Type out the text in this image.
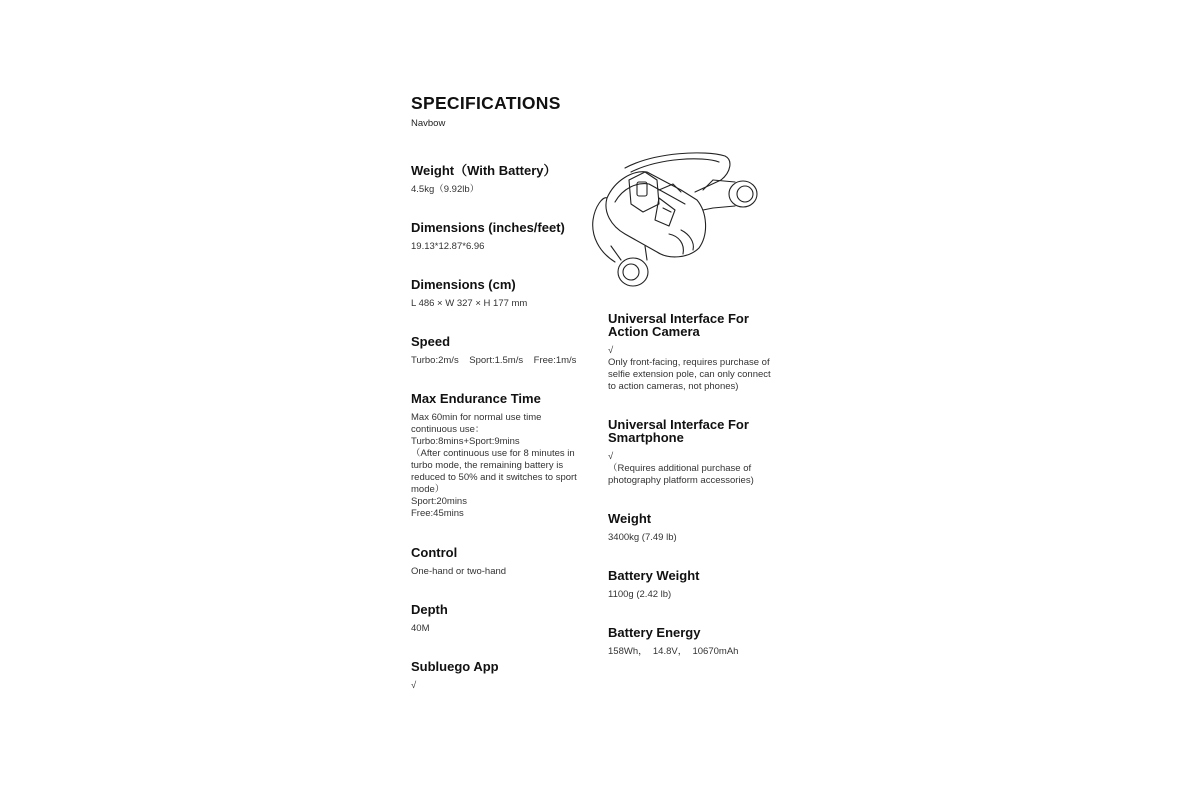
SPECIFICATIONS
Navbow
Weight（With Battery）
4.5kg（9.92lb）
Dimensions (inches/feet)
19.13*12.87*6.96
Dimensions (cm)
L 486 × W 327 × H 177 mm
Speed
Turbo:2m/s    Sport:1.5m/s    Free:1m/s
Max Endurance Time
Max 60min for normal use time
continuous use：
Turbo:8mins+Sport:9mins
（After continuous use for 8 minutes in
turbo mode, the remaining battery is
reduced to 50% and it switches to sport
mode）
Sport:20mins
Free:45mins
Control
One-hand or two-hand
Depth
40M
Subluego App
√
Universal Interface For
Action Camera
√
Only front-facing, requires purchase of
selfie extension pole, can only connect
to action cameras, not phones)
Universal Interface For
Smartphone
√
（Requires additional purchase of
photography platform accessories)
Weight
3400kg (7.49 lb)
Battery Weight
1100g (2.42 lb)
Battery Energy
158Wh，  14.8V，  10670mAh
